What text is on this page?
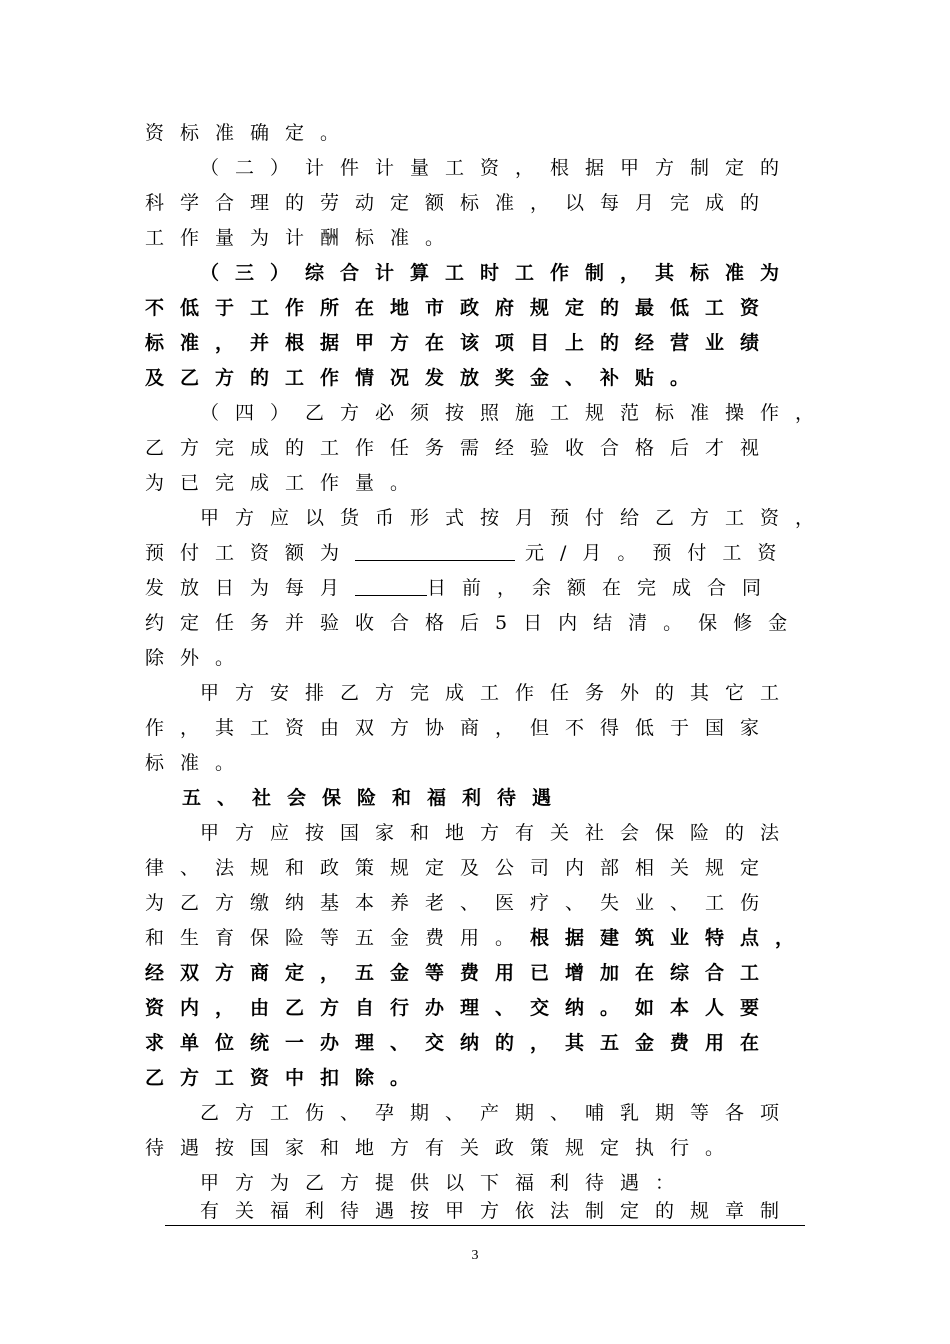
资标准确定。
（二）计件计量工资，根据甲方制定的
科学合理的劳动定额标准，以每月完成的
工作量为计酬标准。
（三）综合计算工时工作制，其标准为
不低于工作所在地市政府规定的最低工资
标准，并根据甲方在该项目上的经营业绩
及乙方的工作情况发放奖金、补贴。
（四）乙方必须按照施工规范标准操作，
乙方完成的工作任务需经验收合格后才视
为已完成工作量。
甲方应以货币形式按月预付给乙方工资，
预付工资额为	元/月。预付工资
发放日为每月	日前，余额在完成合同
约定任务并验收合格后5日内结清。保修金
除外。
甲方安排乙方完成工作任务外的其它工
作，其工资由双方协商，但不得低于国家
标准。
五、社会保险和福利待遇
甲方应按国家和地方有关社会保险的法
律、法规和政策规定及公司内部相关规定
为乙方缴纳基本养老、医疗、失业、工伤
和生育保险等五金费用。根据建筑业特点，
经双方商定，五金等费用已增加在综合工
资内，由乙方自行办理、交纳。如本人要
求单位统一办理、交纳的，其五金费用在
乙方工资中扣除。
乙方工伤、孕期、产期、哺乳期等各项
待遇按国家和地方有关政策规定执行。
甲方为乙方提供以下福利待遇：
有关福利待遇按甲方依法制定的规章制
3
